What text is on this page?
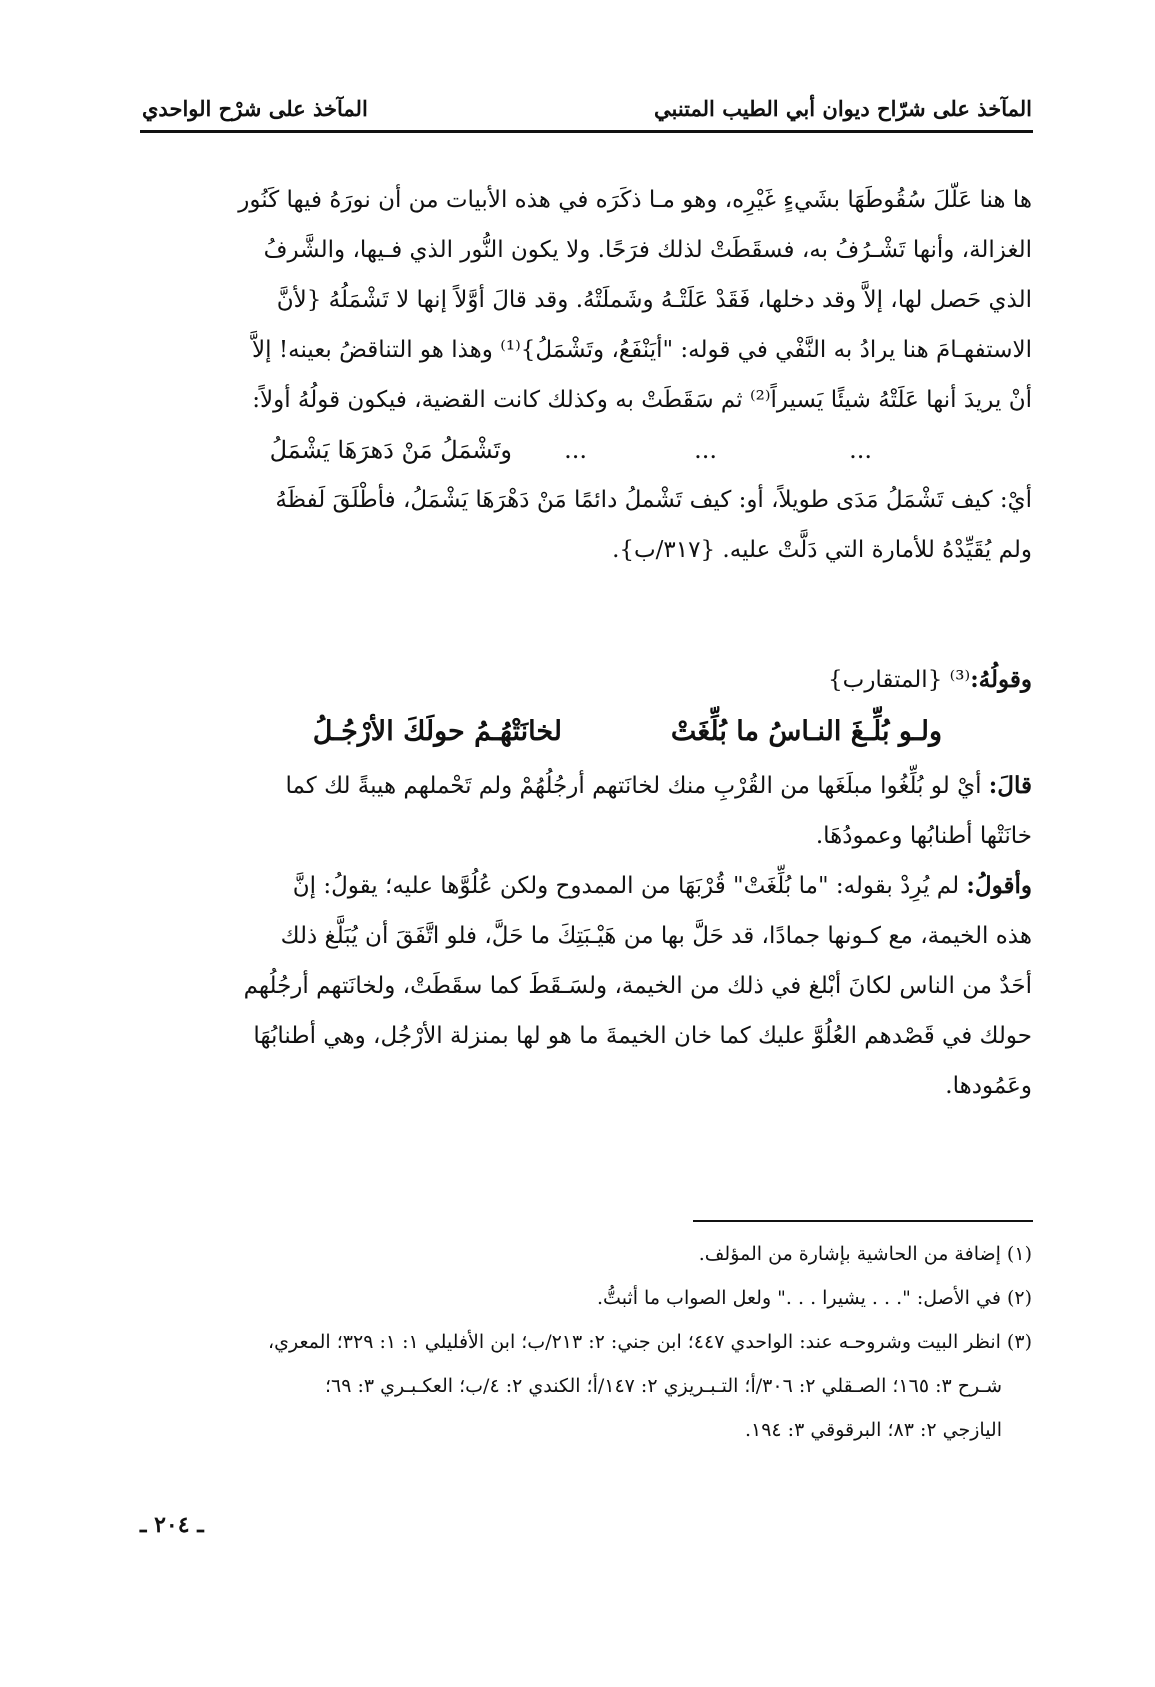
المآخذ على شرّاح ديوان أبي الطيب المتنبي
المآخذ على شرْح الواحدي

ها هنا عَلّلَ سُقُوطَهَا بشَيءٍ غَيْرِه، وهو مـا ذكَرَه في هذه الأبيات من أن نورَهُ فيها كَنُور

الغزالة، وأنها تَشْـرُفُ به، فسقَطَتْ لذلك فرَحًا. ولا يكون النُّور الذي فـيها، والشَّرفُ

الذي حَصل لها، إلاَّ وقد دخلها، فَقَدْ عَلَتْـهُ وشَملَتْهُ. وقد قالَ أوَّلاً إنها لا تَشْمَلُهُ {لأنَّ

الاستفهـامَ هنا يرادُ به النَّفْي في قوله: "أيَنْفَعُ، وتَشْمَلُ}⁽¹⁾ وهذا هو التناقضُ بعينه! إلاَّ

أنْ يريدَ أنها عَلَتْهُ شيئًا يَسيراً⁽²⁾ ثم سَقَطَتْ به وكذلك كانت القضية، فيكون قولُهُ أولاً:

...
...
...
وتَشْمَلُ مَنْ دَهرَهَا يَشْمَلُ

أيْ: كيف تَشْمَلُ مَدَى طويلاً، أو: كيف تَشْملُ دائمًا مَنْ دَهْرَهَا يَشْمَلُ، فأطْلَقَ لَفظَهُ

ولم يُقَيِّدْهُ للأمارة التي دَلَّتْ عليه. {٣١٧/ب}.

وقولُهُ:⁽³⁾ {المتقارب}

ولـو بُلِّـغَ النـاسُ ما بُلِّغَتْ
لخانَتْهُـمُ حولَكَ الأرْجُـلُ

قالَ: أيْ لو بُلِّغُوا مبلَغَها من القُرْبِ منك لخانَتهم أرجُلُهُمْ ولم تَحْملهم هيبةً لك كما

خانَتْها أطنابُها وعمودُهَا.

وأقولُ: لم يُرِدْ بقوله: "ما بُلِّغَتْ" قُرْبَهَا من الممدوح ولكن عُلُوَّها عليه؛ يقولُ: إنَّ

هذه الخيمة، مع كـونها جمادًا، قد حَلَّ بها من هَيْـبَتِكَ ما حَلَّ، فلو اتَّفَقَ أن يُبَلَّغ ذلك

أحَدٌ من الناس لكانَ أبْلغ في ذلك من الخيمة، ولسَـقَطَ كما سقَطَتْ، ولخانَتهم أرجُلُهم

حولك في قَصْدهم العُلُوَّ عليك كما خان الخيمةَ ما هو لها بمنزلة الأرْجُل، وهي أطنابُهَا

وعَمُودها.

(١) إضافة من الحاشية بإشارة من المؤلف.

(٢) في الأصل: ". . . يشيرا . . ." ولعل الصواب ما أثبتُّ.

(٣) انظر البيت وشروحـه عند: الواحدي ٤٤٧؛ ابن جني: ٢: ٢١٣/ب؛ ابن الأفليلي ١: ١: ٣٢٩؛ المعري،

شـرح ٣: ١٦٥؛ الصـقلي ٢: ٣٠٦/أ؛ التـبـريزي ٢: ١٤٧/أ؛ الكندي ٢: ٤/ب؛ العكـبـري ٣: ٦٩؛

اليازجي ٢: ٨٣؛ البرقوقي ٣: ١٩٤.

ـ ٢٠٤ ـ
